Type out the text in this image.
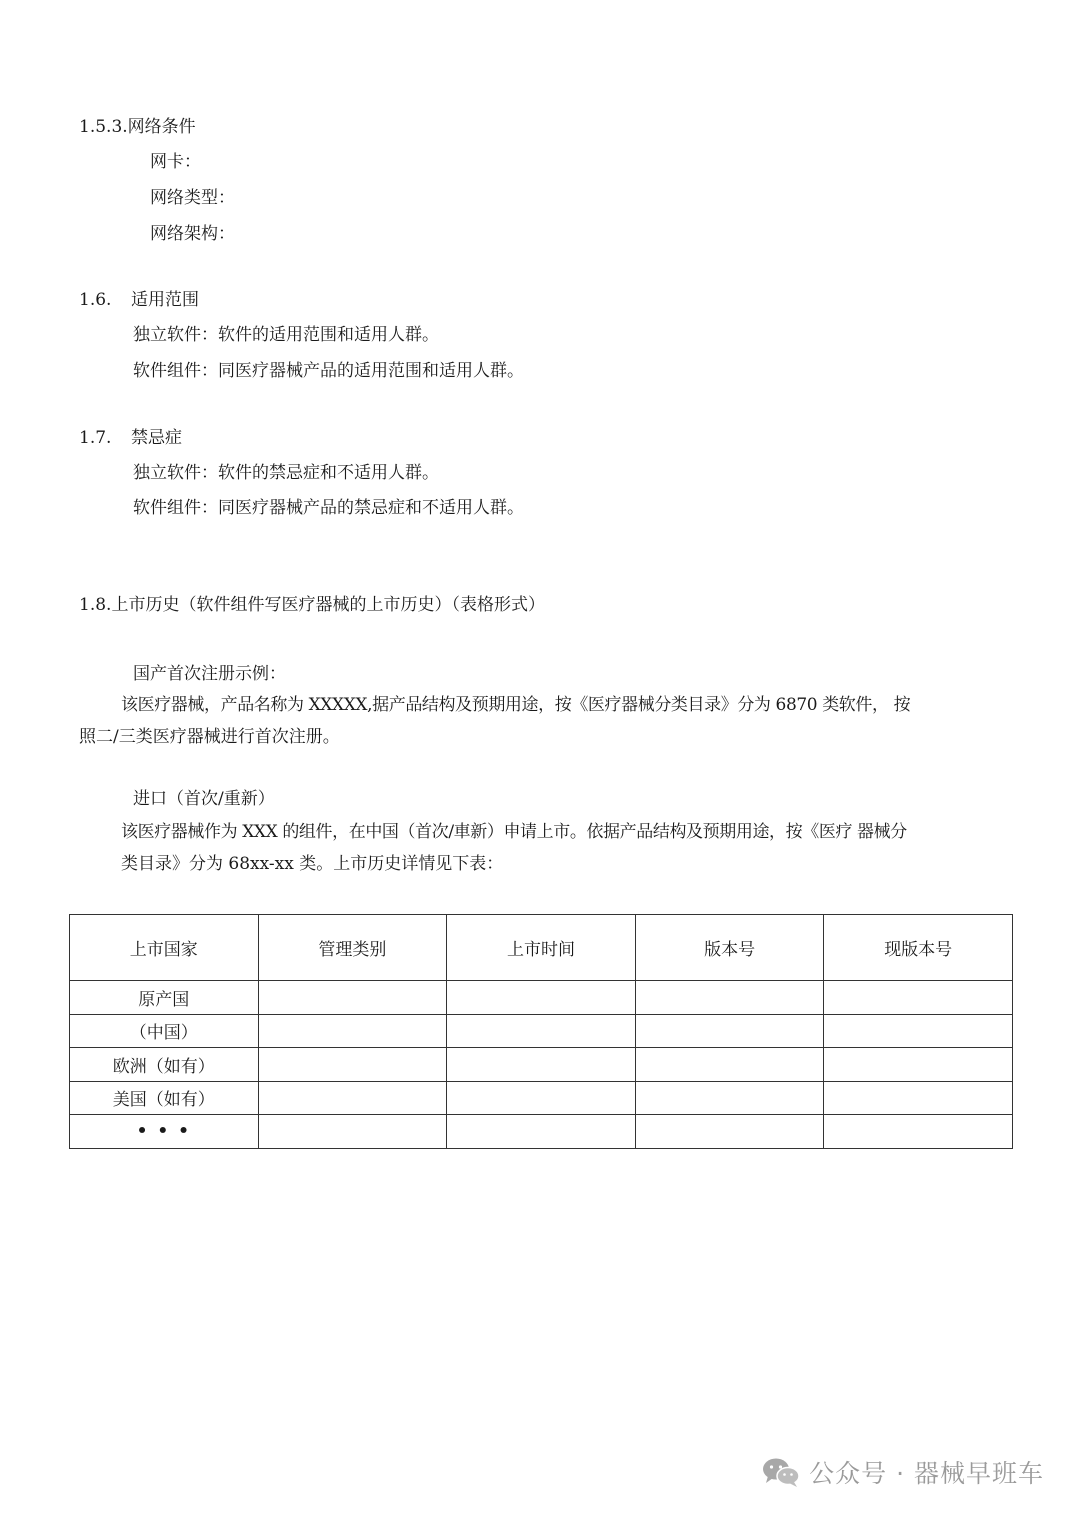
1.5.3.网络条件
网卡：
网络类型：
网络架构：
1.6. 适用范围
独立软件：软件的适用范围和适用人群。
软件组件：同医疗器械产品的适用范围和适用人群。
1.7. 禁忌症
独立软件：软件的禁忌症和不适用人群。
软件组件：同医疗器械产品的禁忌症和不适用人群。
1.8.上市历史（软件组件写医疗器械的上市历史）（表格形式）
国产首次注册示例：
该医疗器械，产品名称为 XXXXX,据产品结构及预期用途，按《医疗器械分类目录》分为 6870 类软件， 按
照二/三类医疗器械进行首次注册。
进口（首次/重新）
该医疗器械作为 XXX 的组件，在中国（首次/車新）申请上市。依据产品结构及预期用途，按《医疗 器械分
类目录》分为 68xx-xx 类。上市历史详情见下表：
上市国家	管理类别	上市时间	版本号	现版本号
原产国				
（中国）				
欧洲（如有）				
美国（如有）				
• • •				
公众号 · 器械早班车
